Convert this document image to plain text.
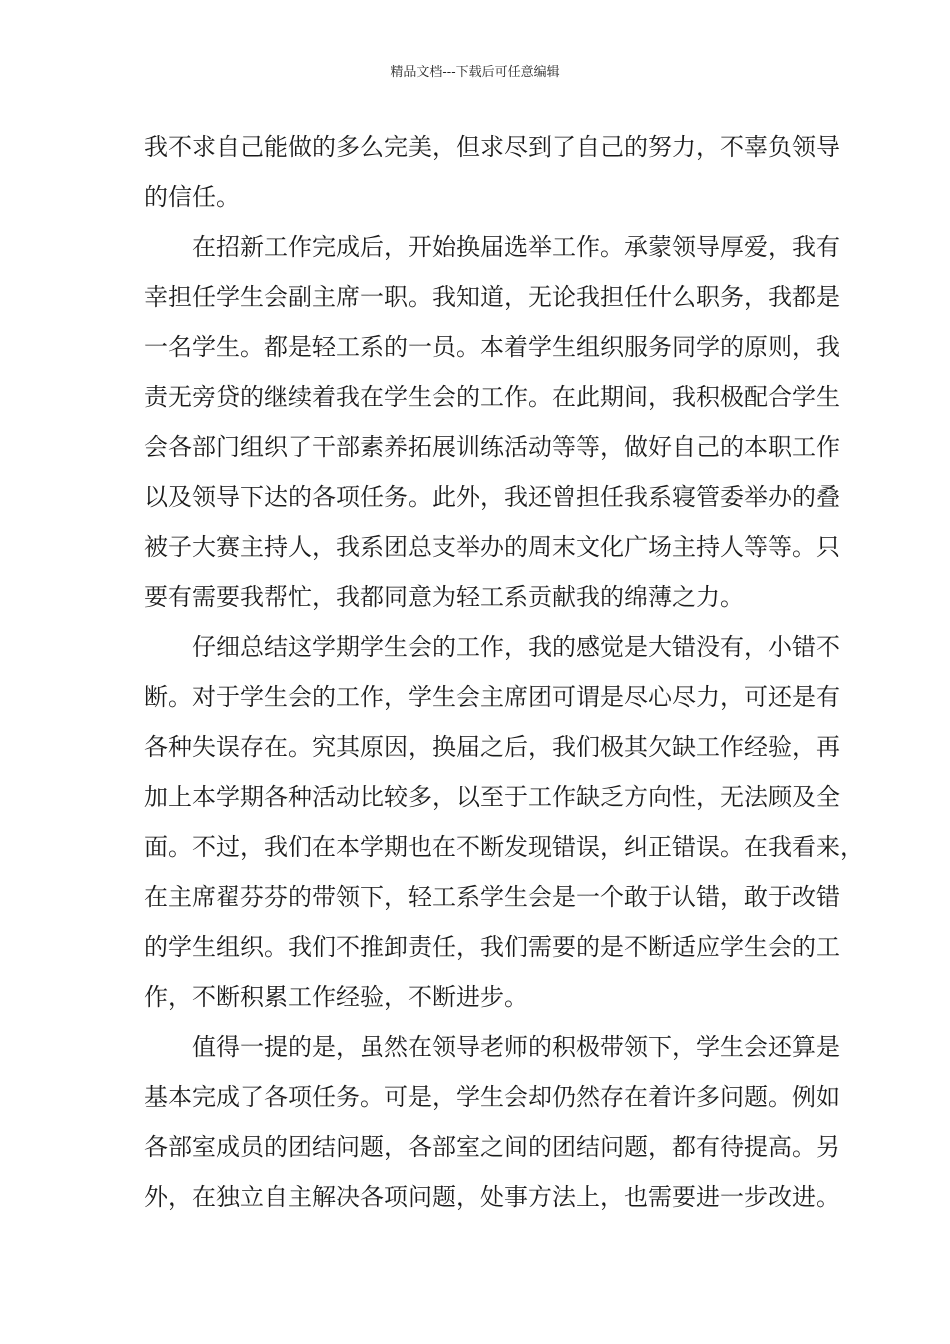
精品文档---下载后可任意编辑
我不求自己能做的多么完美，但求尽到了自己的努力，不辜负领导
的信任。
在招新工作完成后，开始换届选举工作。承蒙领导厚爱，我有
幸担任学生会副主席一职。我知道，无论我担任什么职务，我都是
一名学生。都是轻工系的一员。本着学生组织服务同学的原则，我
责无旁贷的继续着我在学生会的工作。在此期间，我积极配合学生
会各部门组织了干部素养拓展训练活动等等，做好自己的本职工作
以及领导下达的各项任务。此外，我还曾担任我系寝管委举办的叠
被子大赛主持人，我系团总支举办的周末文化广场主持人等等。只
要有需要我帮忙，我都同意为轻工系贡献我的绵薄之力。
仔细总结这学期学生会的工作，我的感觉是大错没有，小错不
断。对于学生会的工作，学生会主席团可谓是尽心尽力，可还是有
各种失误存在。究其原因，换届之后，我们极其欠缺工作经验，再
加上本学期各种活动比较多，以至于工作缺乏方向性，无法顾及全
面。不过，我们在本学期也在不断发现错误，纠正错误。在我看来，
在主席翟芬芬的带领下，轻工系学生会是一个敢于认错，敢于改错
的学生组织。我们不推卸责任，我们需要的是不断适应学生会的工
作，不断积累工作经验，不断进步。
值得一提的是，虽然在领导老师的积极带领下，学生会还算是
基本完成了各项任务。可是，学生会却仍然存在着许多问题。例如
各部室成员的团结问题，各部室之间的团结问题，都有待提高。另
外，在独立自主解决各项问题，处事方法上，也需要进一步改进。
